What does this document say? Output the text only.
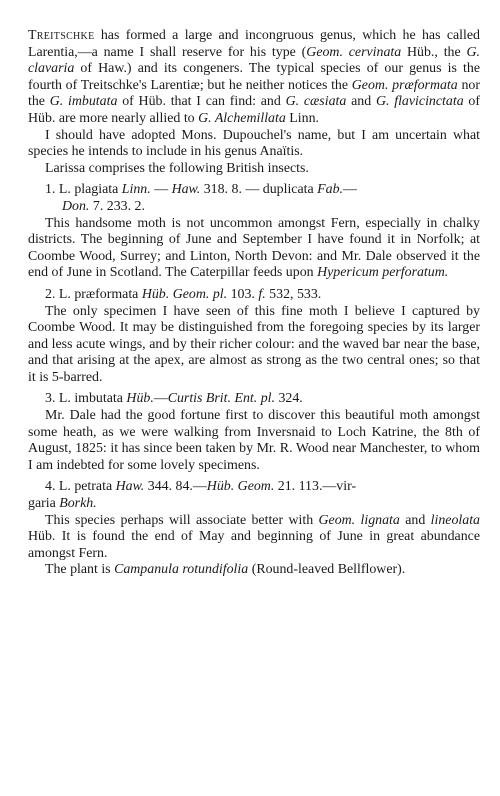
Treitschke has formed a large and incongruous genus, which he has called Larentia,—a name I shall reserve for his type (Geom. cervinata Hüb., the G. clavaria of Haw.) and its congeners. The typical species of our genus is the fourth of Treitschke's Larentiæ; but he neither notices the Geom. præformata nor the G. imbutata of Hüb. that I can find: and G. cæsiata and G. flavicinctata of Hüb. are more nearly allied to G. Alchemillata Linn.

I should have adopted Mons. Dupouchel's name, but I am uncertain what species he intends to include in his genus Anaïtis.

Larissa comprises the following British insects.

1. L. plagiata Linn. — Haw. 318. 8. — duplicata Fab.—
Don. 7. 233. 2.

This handsome moth is not uncommon amongst Fern, especially in chalky districts. The beginning of June and September I have found it in Norfolk; at Coombe Wood, Surrey; and Linton, North Devon: and Mr. Dale observed it the end of June in Scotland. The Caterpillar feeds upon Hypericum perforatum.

2. L. præformata Hüb. Geom. pl. 103. f. 532, 533.

The only specimen I have seen of this fine moth I believe I captured by Coombe Wood. It may be distinguished from the foregoing species by its larger and less acute wings, and by their richer colour: and the waved bar near the base, and that arising at the apex, are almost as strong as the two central ones; so that it is 5-barred.

3. L. imbutata Hüb.—Curtis Brit. Ent. pl. 324.

Mr. Dale had the good fortune first to discover this beautiful moth amongst some heath, as we were walking from Inversnaid to Loch Katrine, the 8th of August, 1825: it has since been taken by Mr. R. Wood near Manchester, to whom I am indebted for some lovely specimens.

4. L. petrata Haw. 344. 84.—Hüb. Geom. 21. 113.—vir-
garia Borkh.

This species perhaps will associate better with Geom. lignata and lineolata Hüb. It is found the end of May and beginning of June in great abundance amongst Fern.

The plant is Campanula rotundifolia (Round-leaved Bellflower).
